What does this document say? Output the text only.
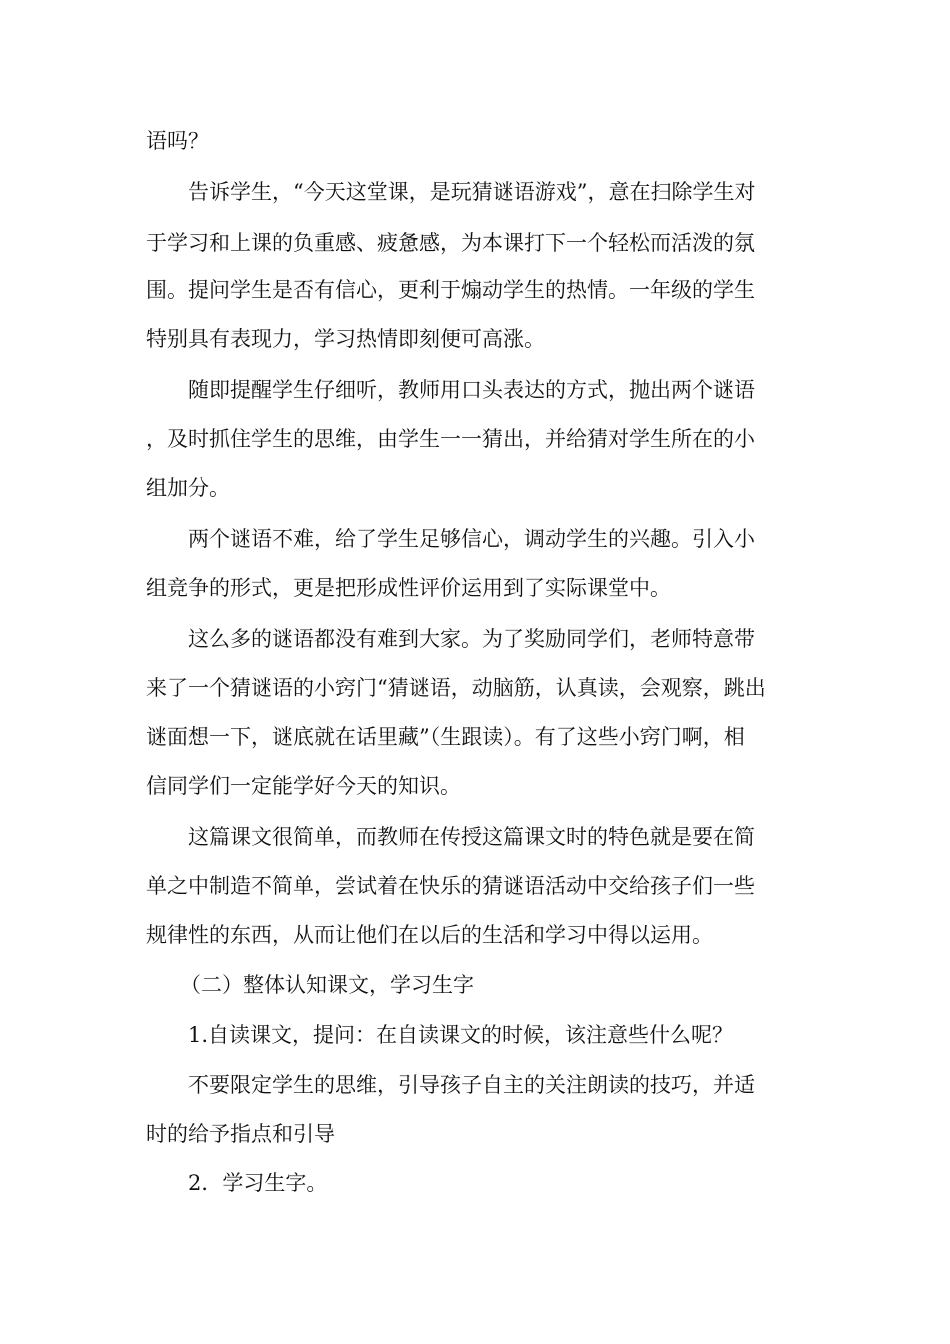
语吗？
告诉学生，“今天这堂课，是玩猜谜语游戏”，意在扫除学生对
于学习和上课的负重感、疲惫感，为本课打下一个轻松而活泼的氛
围。提问学生是否有信心，更利于煽动学生的热情。一年级的学生
特别具有表现力，学习热情即刻便可高涨。
随即提醒学生仔细听，教师用口头表达的方式，抛出两个谜语
，及时抓住学生的思维，由学生一一猜出，并给猜对学生所在的小
组加分。
两个谜语不难，给了学生足够信心，调动学生的兴趣。引入小
组竞争的形式，更是把形成性评价运用到了实际课堂中。
这么多的谜语都没有难到大家。为了奖励同学们，老师特意带
来了一个猜谜语的小窍门“猜谜语，动脑筋，认真读，会观察，跳出
谜面想一下，谜底就在话里藏”（生跟读）。有了这些小窍门啊，相
信同学们一定能学好今天的知识。
这篇课文很简单，而教师在传授这篇课文时的特色就是要在简
单之中制造不简单，尝试着在快乐的猜谜语活动中交给孩子们一些
规律性的东西，从而让他们在以后的生活和学习中得以运用。
（二）整体认知课文，学习生字
1.自读课文，提问：在自读课文的时候，该注意些什么呢？
不要限定学生的思维，引导孩子自主的关注朗读的技巧，并适
时的给予指点和引导
2．学习生字。
